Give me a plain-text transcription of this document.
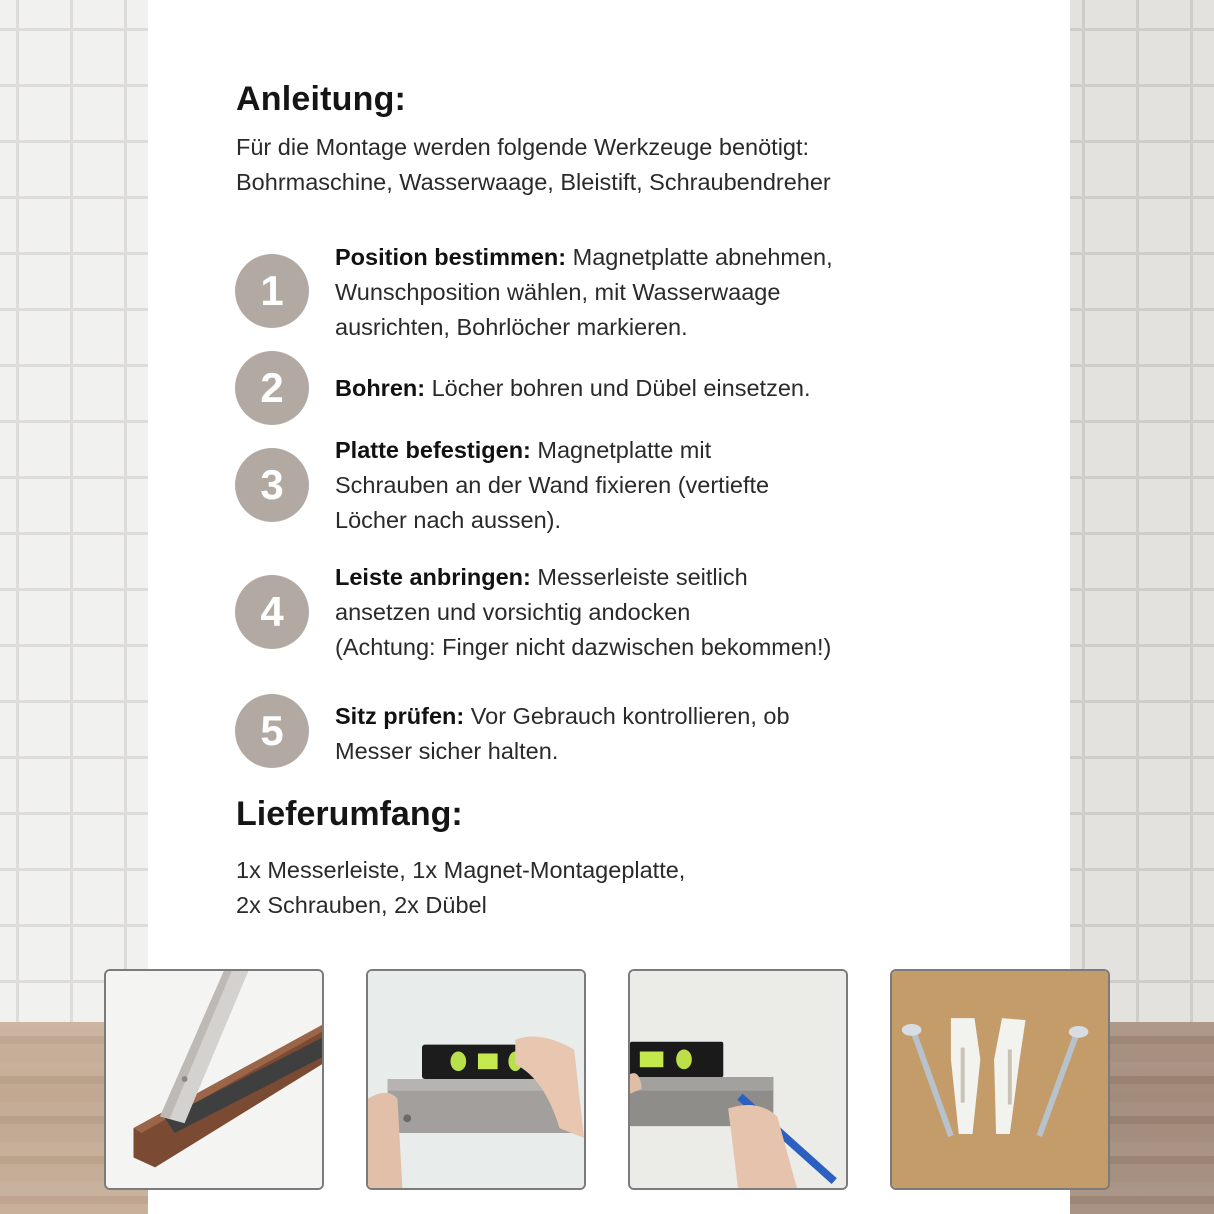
Anleitung:
Für die Montage werden folgende Werkzeuge benötigt:
Bohrmaschine, Wasserwaage, Bleistift, Schraubendreher
1
Position bestimmen: Magnetplatte abnehmen,
Wunschposition wählen, mit Wasserwaage
ausrichten, Bohrlöcher markieren.
2	Bohren: Löcher bohren und Dübel einsetzen.
3
Platte befestigen: Magnetplatte mit
Schrauben an der Wand fixieren (vertiefte
Löcher nach aussen).
4
Leiste anbringen: Messerleiste seitlich
ansetzen und vorsichtig andocken
(Achtung: Finger nicht dazwischen bekommen!)
5	Sitz prüfen: Vor Gebrauch kontrollieren, ob
Messer sicher halten.
Lieferumfang:
1x Messerleiste, 1x Magnet-Montageplatte,
2x Schrauben, 2x Dübel
